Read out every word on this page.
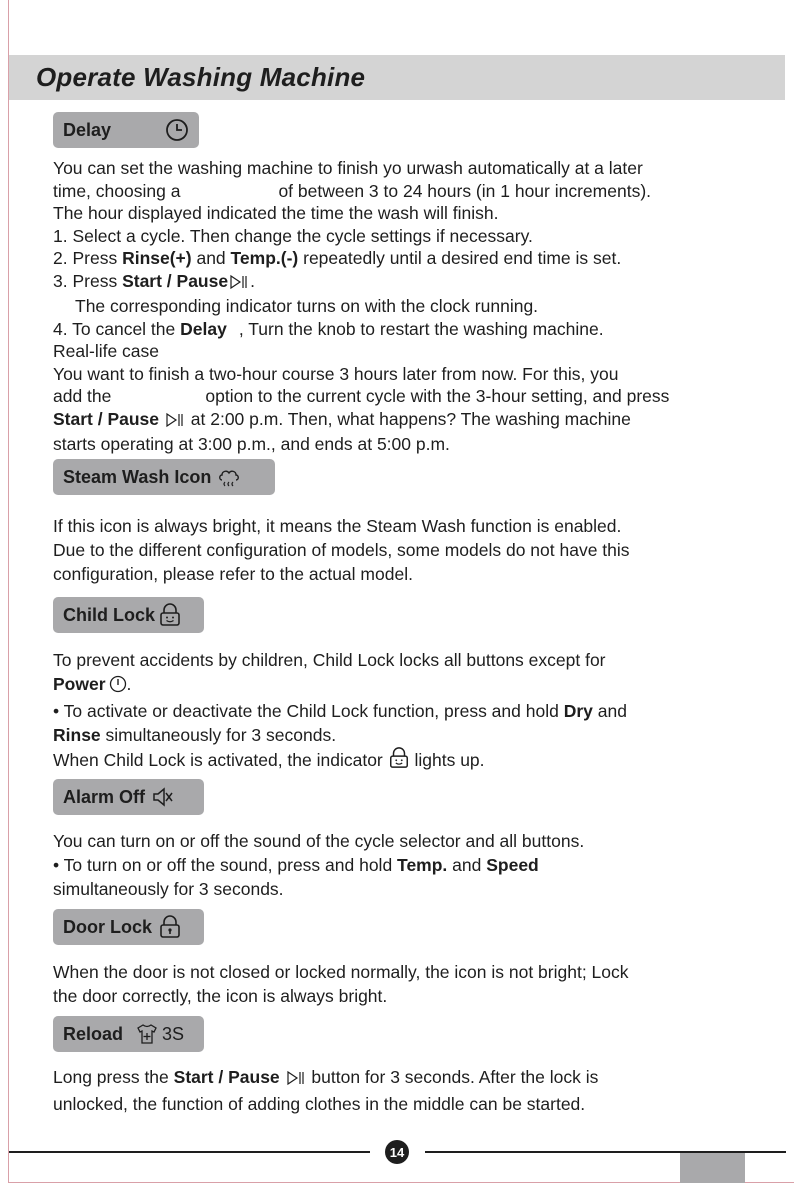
Operate Washing Machine
Delay

You can set the washing machine to finish yo urwash automatically at a later

time, choosing a	of between 3 to 24 hours (in 1 hour increments).

The hour displayed indicated the time the wash will finish.

1. Select a cycle. Then change the cycle settings if necessary.

2. Press Rinse(+) and Temp.(-) repeatedly until a desired end time is set.

3. Press Start / Pause .

The corresponding indicator turns on with the clock running.

4. To cancel the Delay , Turn the knob to restart the washing machine.

Real-life case

You want to finish a two-hour course 3 hours later from now. For this, you

add the	option to the current cycle with the 3-hour setting, and press

Start / Pause  at 2:00 p.m. Then, what happens? The washing machine

starts operating at 3:00 p.m., and ends at 5:00 p.m.

Steam Wash Icon

If this icon is always bright, it means the Steam Wash function is enabled.

Due to the different configuration of models, some models do not have this

configuration, please refer to the actual model.

Child Lock

To prevent accidents by children, Child Lock locks all buttons except for

Power .

• To activate or deactivate the Child Lock function, press and hold Dry and

Rinse simultaneously for 3 seconds.

When Child Lock is activated, the indicator  lights up.

Alarm Off

You can turn on or off the sound of the cycle selector and all buttons.

• To turn on or off the sound, press and hold Temp. and Speed

simultaneously for 3 seconds.

Door Lock

When the door is not closed or locked normally, the icon is not bright; Lock

the door correctly, the icon is always bright.

Reload 3S

Long press the Start / Pause  button for 3 seconds. After the lock is

unlocked, the function of adding clothes in the middle can be started.

14
